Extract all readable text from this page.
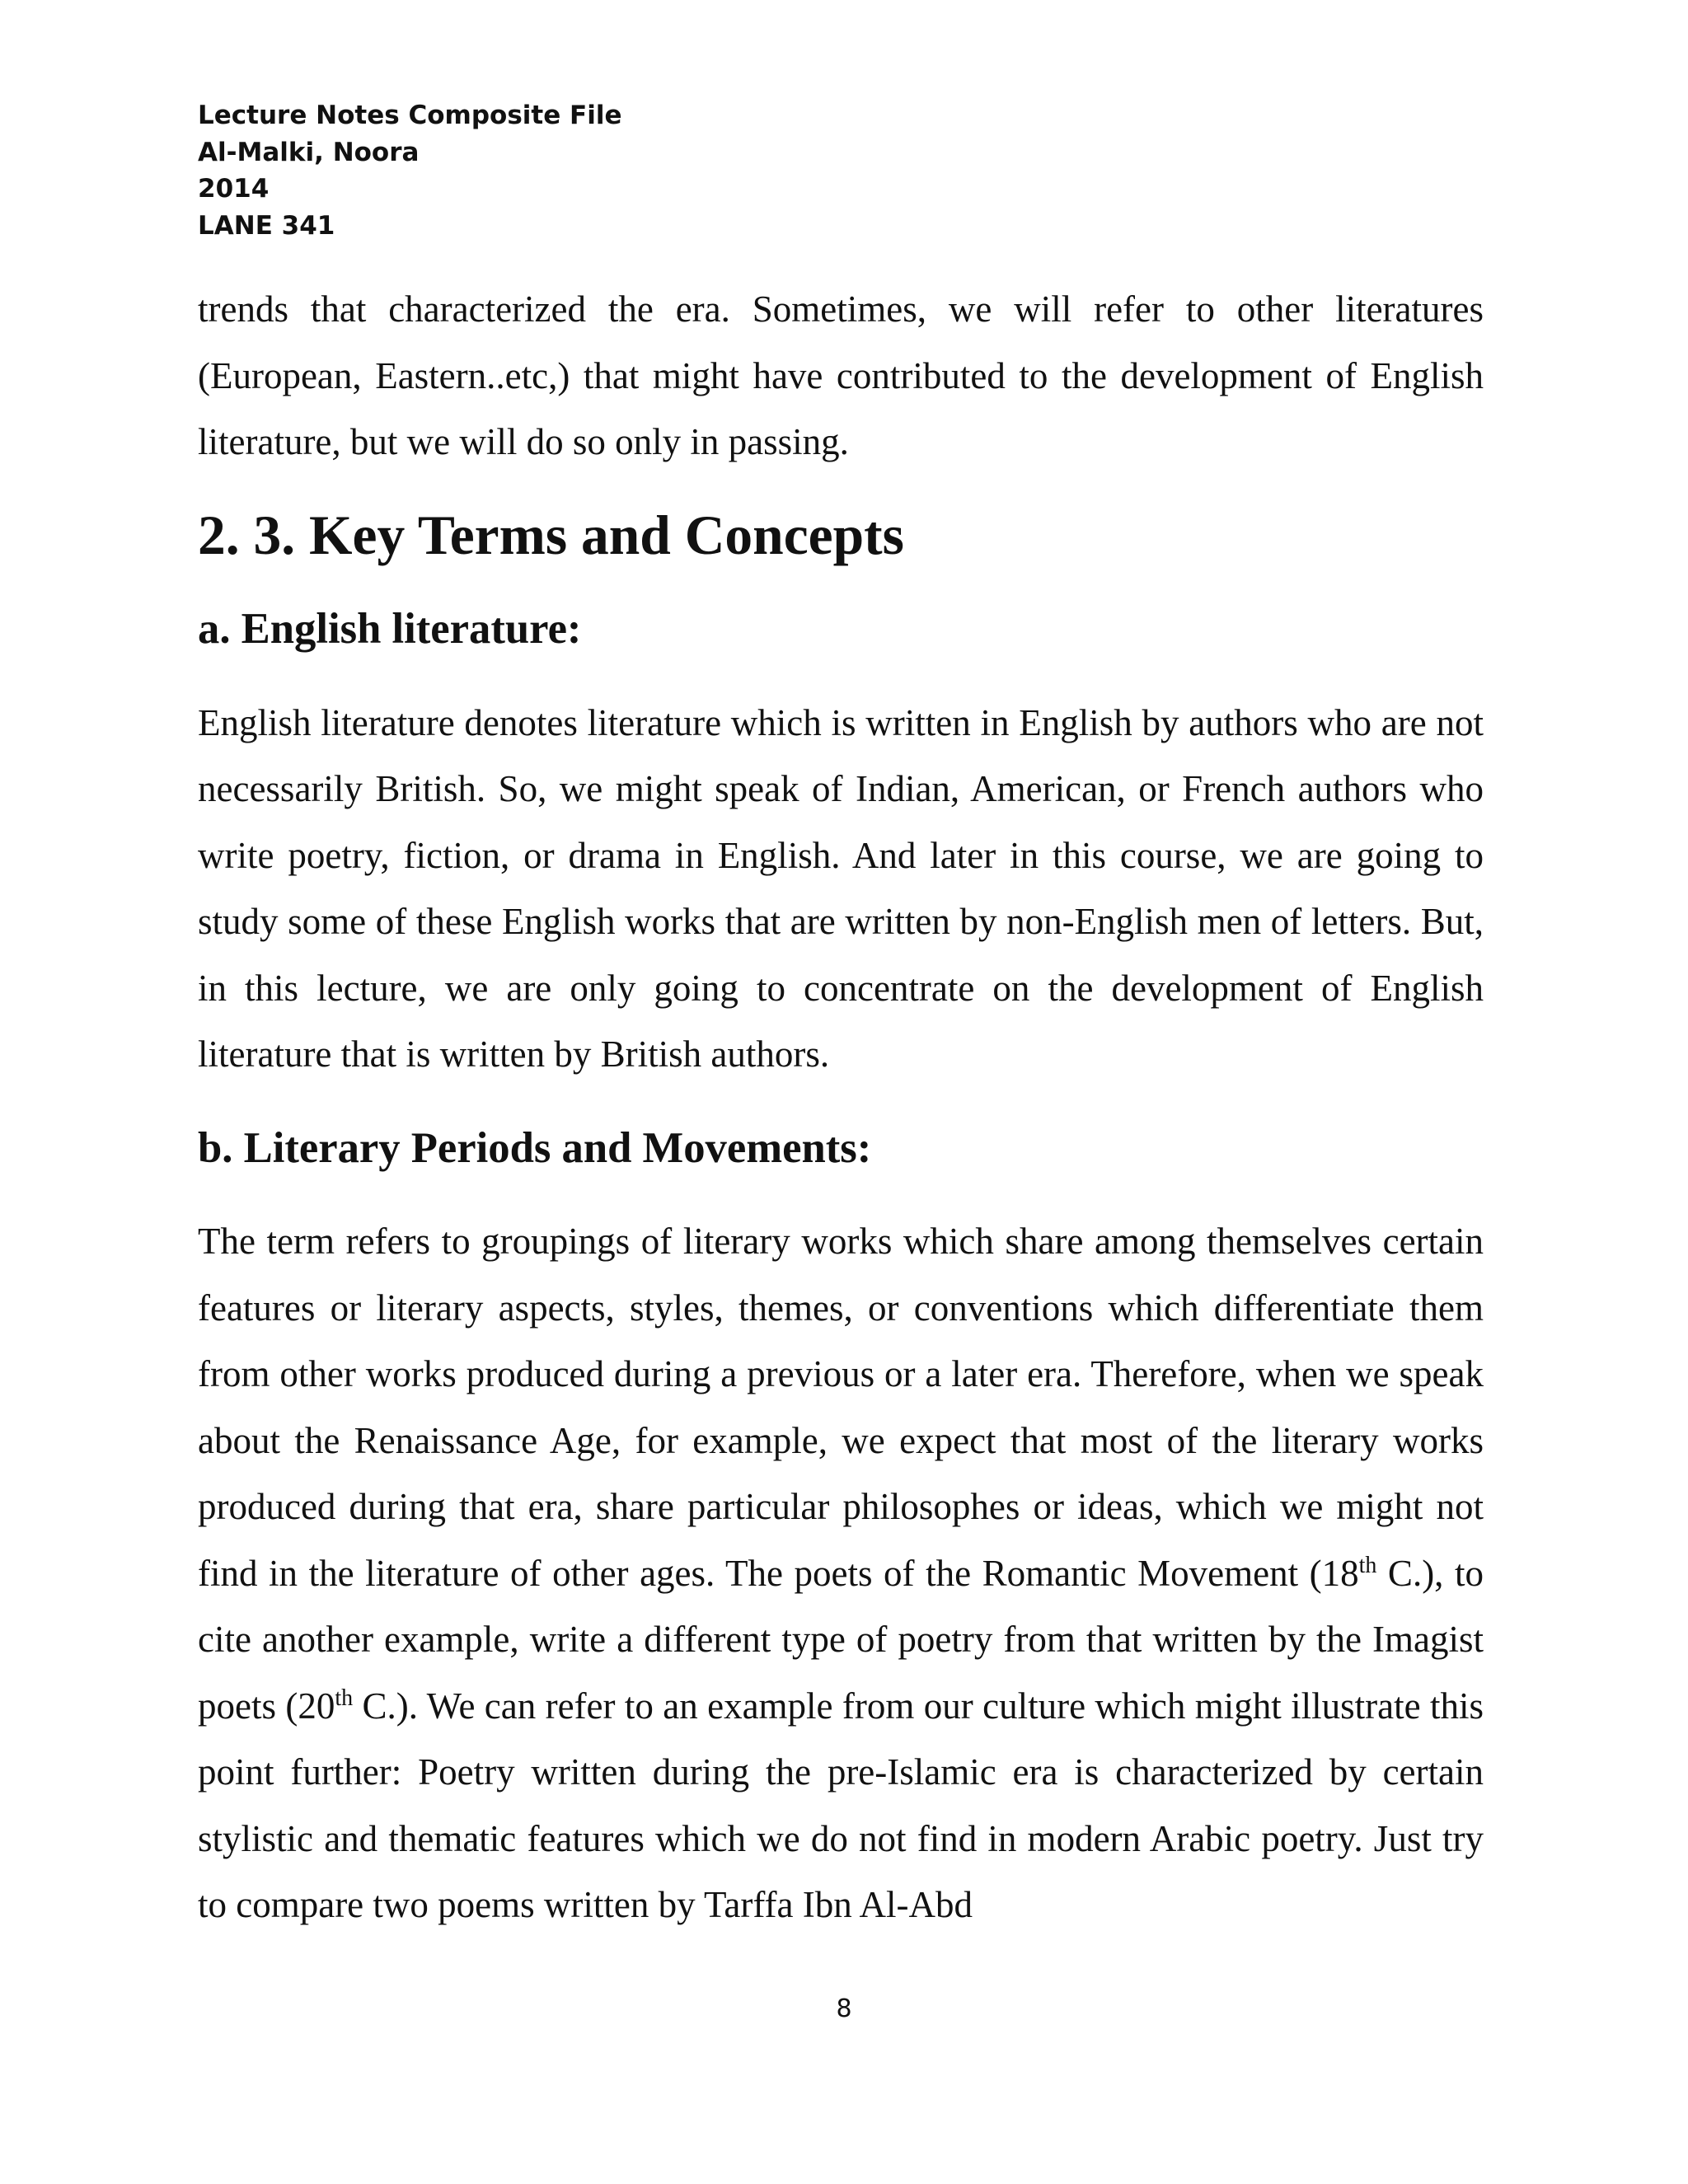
Lecture Notes Composite File
Al-Malki, Noora
2014
LANE 341

trends that characterized the era. Sometimes, we will refer to other literatures (European, Eastern..etc,) that might have contributed to the development of English literature, but we will do so only in passing.

2. 3. Key Terms and Concepts
a. English literature:

English literature denotes literature which is written in English by authors who are not necessarily British. So, we might speak of Indian, American, or French authors who write poetry, fiction, or drama in English. And later in this course, we are going to study some of these English works that are written by non-English men of letters. But, in this lecture, we are only going to concentrate on the development of English literature that is written by British authors.

b. Literary Periods and Movements:

The term refers to groupings of literary works which share among themselves certain features or literary aspects, styles, themes, or conventions which differentiate them from other works produced during a previous or a later era. Therefore, when we speak about the Renaissance Age, for example, we expect that most of the literary works produced during that era, share particular philosophes or ideas, which we might not find in the literature of other ages. The poets of the Romantic Movement (18th C.), to cite another example, write a different type of poetry from that written by the Imagist poets (20th C.). We can refer to an example from our culture which might illustrate this point further: Poetry written during the pre-Islamic era is characterized by certain stylistic and thematic features which we do not find in modern Arabic poetry. Just try to compare two poems written by Tarffa Ibn Al-Abd

8
